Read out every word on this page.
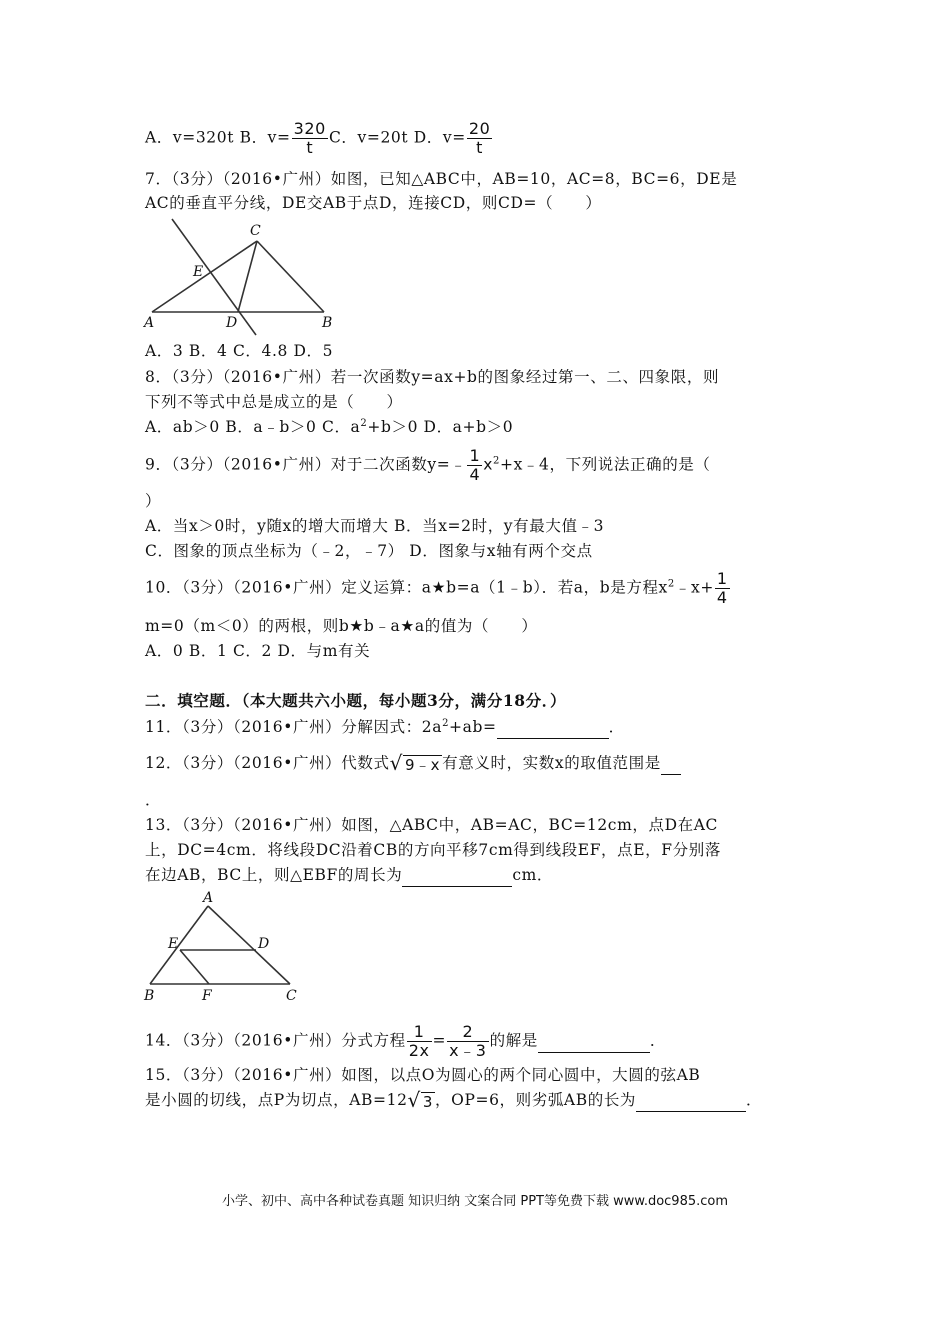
A．v=320t B．$v= \frac{320}{t}$ C．v=20t D．$v= \frac{20}{t}$
7．（3分）（2016•广州）如图，已知△ABC中，AB=10，AC=8，BC=6，DE是
AC的垂直平分线，DE交AB于点D，连接CD，则CD=（　　）
C
E
A	D	B
A．3 B．4 C．4.8 D．5
8．（3分）（2016•广州）若一次函数y=ax+b的图象经过第一、二、四象限，则
下列不等式中总是成立的是（　　）
A．ab＞0 B．a﹣b＞0 C．$a^2+b>0$ D．a+b＞0
9．（3分）（2016•广州）对于二次函数y=﹣ $\frac{1}{4}$ $x^2+x﹣4$，下列说法正确的是（
）
A．当x＞0时，y随x的增大而增大 B．当x=2时，y有最大值﹣3
C．图象的顶点坐标为（﹣2，﹣7） D．图象与x轴有两个交点
10．（3分）（2016•广州）定义运算：a★b=a（1﹣b）．若a，b是方程$x^2﹣x+ \frac{1}{4}$
m=0（m＜0）的两根，则b★b﹣a★a的值为（　　）
A．0 B．1 C．2 D．与m有关
二．填空题．（本大题共六小题，每小题3分，满分18分．）
11．（3分）（2016•广州）分解因式：$2a^2+ab=$	．
12．（3分）（2016•广州）代数式√ 9﹣x 有意义时，实数x的取值范围是
．
13．（3分）（2016•广州）如图，△ABC中，AB=AC，BC=12cm，点D在AC
上，DC=4cm．将线段DC沿着CB的方向平移7cm得到线段EF，点E，F分别落
在边AB，BC上，则△EBF的周长为	cm．
A
E	D
B	F	C
14．（3分）（2016•广州）分式方程 $\frac{1}{2x} = \frac{2}{x﹣3}$ 的解是	．
15．（3分）（2016•广州）如图，以点O为圆心的两个同心圆中，大圆的弦AB
是小圆的切线，点P为切点，AB=12√ 3 ，OP=6，则劣弧AB的长为	．
小学、初中、高中各种试卷真题 知识归纳 文案合同 PPT等免费下载 www.doc985.com
